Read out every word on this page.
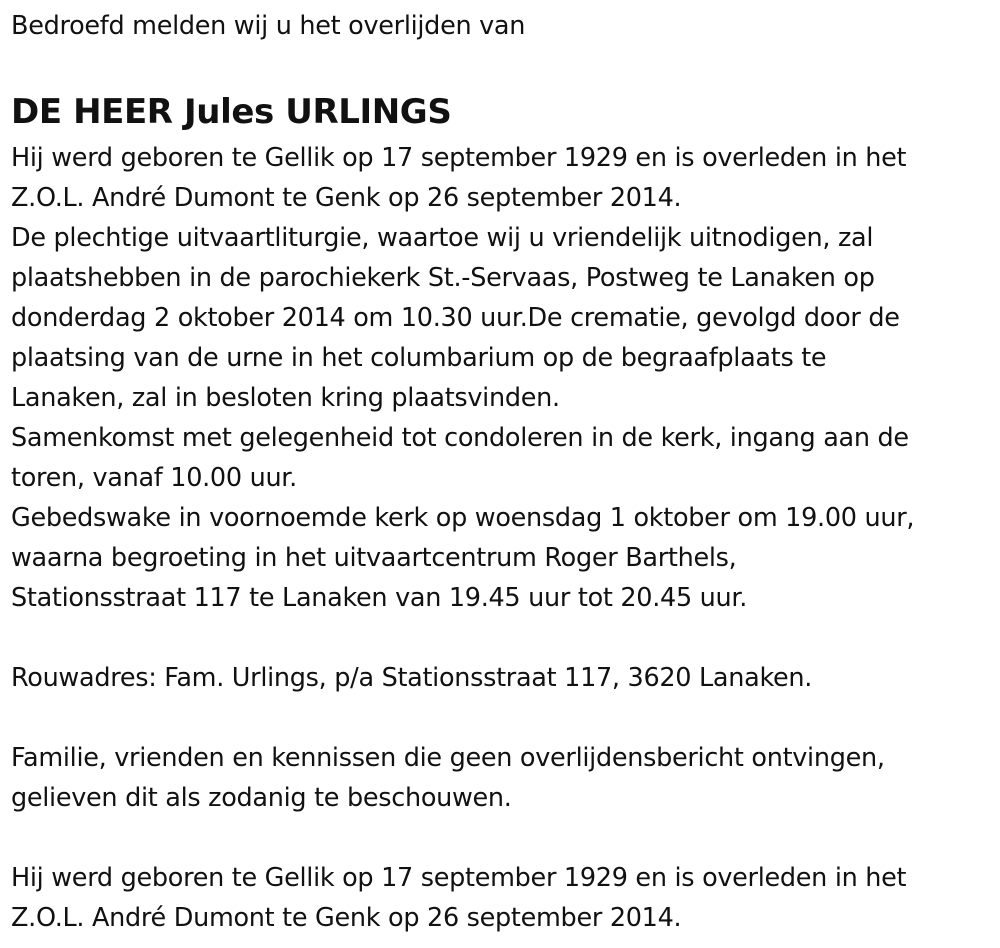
Bedroefd melden wij u het overlijden van
DE HEER Jules URLINGS
Hij werd geboren te Gellik op 17 september 1929 en is overleden in het
Z.O.L. André Dumont te Genk op 26 september 2014.
De plechtige uitvaartliturgie, waartoe wij u vriendelijk uitnodigen, zal
plaatshebben in de parochiekerk St.-Servaas, Postweg te Lanaken op
donderdag 2 oktober 2014 om 10.30 uur.De crematie, gevolgd door de
plaatsing van de urne in het columbarium op de begraafplaats te
Lanaken, zal in besloten kring plaatsvinden.
Samenkomst met gelegenheid tot condoleren in de kerk, ingang aan de
toren, vanaf 10.00 uur.
Gebedswake in voornoemde kerk op woensdag 1 oktober om 19.00 uur,
waarna begroeting in het uitvaartcentrum Roger Barthels,
Stationsstraat 117 te Lanaken van 19.45 uur tot 20.45 uur.
Rouwadres: Fam. Urlings, p/a Stationsstraat 117, 3620 Lanaken.
Familie, vrienden en kennissen die geen overlijdensbericht ontvingen,
gelieven dit als zodanig te beschouwen.
Hij werd geboren te Gellik op 17 september 1929 en is overleden in het
Z.O.L. André Dumont te Genk op 26 september 2014.
